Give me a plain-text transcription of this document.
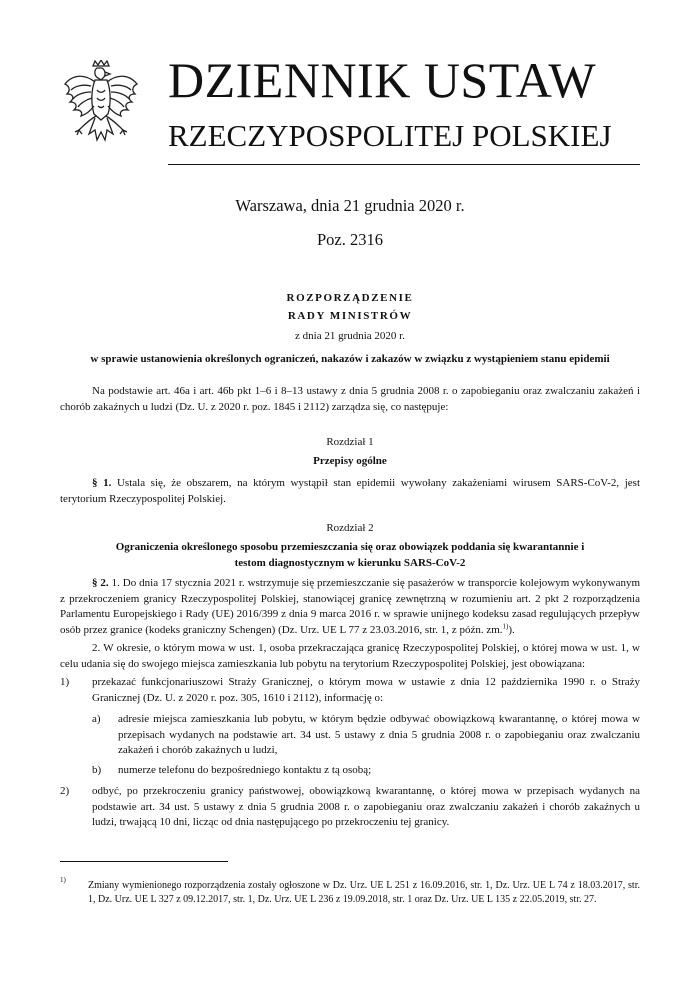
DZIENNIK USTAW
RZECZYPOSPOLITEJ POLSKIEJ
Warszawa, dnia 21 grudnia 2020 r.
Poz. 2316
ROZPORZĄDZENIE
RADY MINISTRÓW
z dnia 21 grudnia 2020 r.
w sprawie ustanowienia określonych ograniczeń, nakazów i zakazów w związku z wystąpieniem stanu epidemii
Na podstawie art. 46a i art. 46b pkt 1–6 i 8–13 ustawy z dnia 5 grudnia 2008 r. o zapobieganiu oraz zwalczaniu zakażeń i chorób zakaźnych u ludzi (Dz. U. z 2020 r. poz. 1845 i 2112) zarządza się, co następuje:
Rozdział 1
Przepisy ogólne
§ 1. Ustala się, że obszarem, na którym wystąpił stan epidemii wywołany zakażeniami wirusem SARS-CoV-2, jest terytorium Rzeczypospolitej Polskiej.
Rozdział 2
Ograniczenia określonego sposobu przemieszczania się oraz obowiązek poddania się kwarantannie i testom diagnostycznym w kierunku SARS-CoV-2
§ 2. 1. Do dnia 17 stycznia 2021 r. wstrzymuje się przemieszczanie się pasażerów w transporcie kolejowym wykonywanym z przekroczeniem granicy Rzeczypospolitej Polskiej, stanowiącej granicę zewnętrzną w rozumieniu art. 2 pkt 2 rozporządzenia Parlamentu Europejskiego i Rady (UE) 2016/399 z dnia 9 marca 2016 r. w sprawie unijnego kodeksu zasad regulujących przepływ osób przez granice (kodeks graniczny Schengen) (Dz. Urz. UE L 77 z 23.03.2016, str. 1, z późn. zm.$^{1)}$).
2. W okresie, o którym mowa w ust. 1, osoba przekraczająca granicę Rzeczypospolitej Polskiej, o której mowa w ust. 1, w celu udania się do swojego miejsca zamieszkania lub pobytu na terytorium Rzeczypospolitej Polskiej, jest obowiązana:
1) przekazać funkcjonariuszowi Straży Granicznej, o którym mowa w ustawie z dnia 12 października 1990 r. o Straży Granicznej (Dz. U. z 2020 r. poz. 305, 1610 i 2112), informację o:
a) adresie miejsca zamieszkania lub pobytu, w którym będzie odbywać obowiązkową kwarantannę, o której mowa w przepisach wydanych na podstawie art. 34 ust. 5 ustawy z dnia 5 grudnia 2008 r. o zapobieganiu oraz zwalczaniu zakażeń i chorób zakaźnych u ludzi,
b) numerze telefonu do bezpośredniego kontaktu z tą osobą;
2) odbyć, po przekroczeniu granicy państwowej, obowiązkową kwarantannę, o której mowa w przepisach wydanych na podstawie art. 34 ust. 5 ustawy z dnia 5 grudnia 2008 r. o zapobieganiu oraz zwalczaniu zakażeń i chorób zakaźnych u ludzi, trwającą 10 dni, licząc od dnia następującego po przekroczeniu tej granicy.
1) Zmiany wymienionego rozporządzenia zostały ogłoszone w Dz. Urz. UE L 251 z 16.09.2016, str. 1, Dz. Urz. UE L 74 z 18.03.2017, str. 1, Dz. Urz. UE L 327 z 09.12.2017, str. 1, Dz. Urz. UE L 236 z 19.09.2018, str. 1 oraz Dz. Urz. UE L 135 z 22.05.2019, str. 27.
